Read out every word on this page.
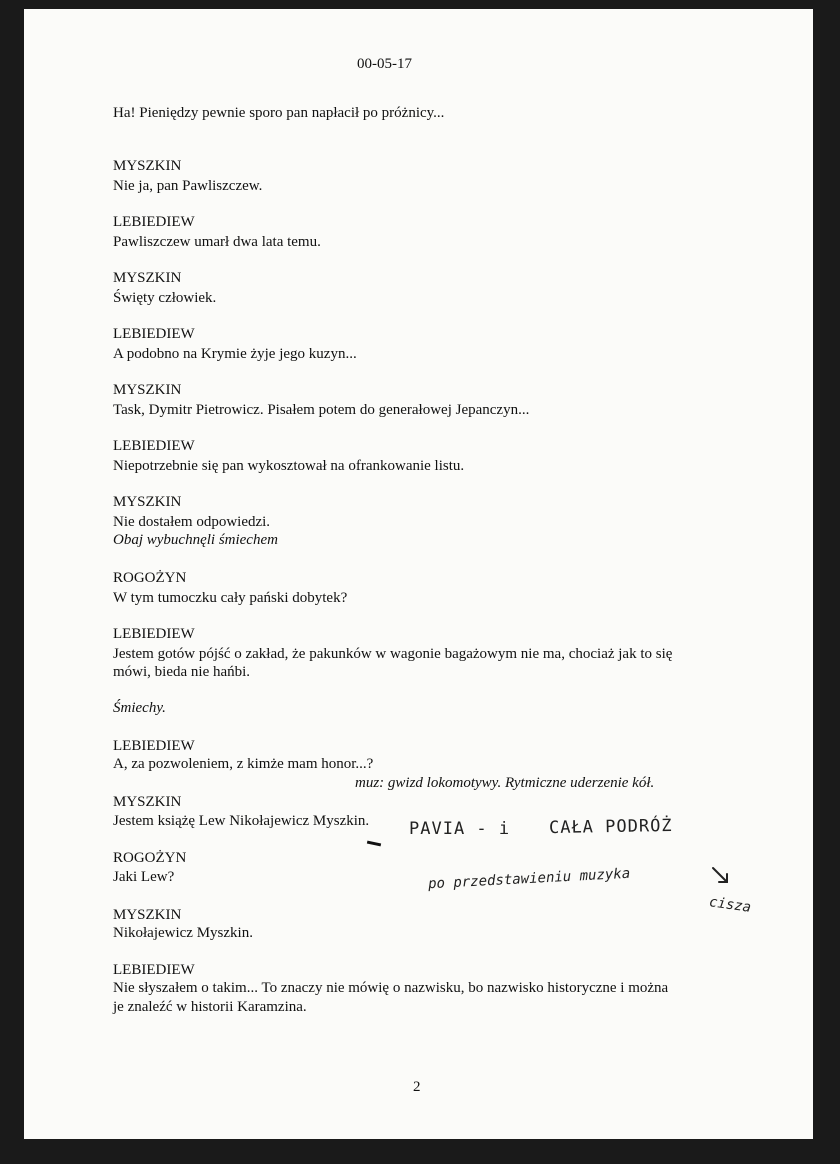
00-05-17
Ha! Pieniędzy pewnie sporo pan napłacił po próżnicy...
MYSZKIN
Nie ja, pan Pawliszczew.
LEBIEDIEW
Pawliszczew umarł dwa lata temu.
MYSZKIN
Święty człowiek.
LEBIEDIEW
A podobno na Krymie żyje jego kuzyn...
MYSZKIN
Task, Dymitr Pietrowicz. Pisałem potem do generałowej Jepanczyn...
LEBIEDIEW
Niepotrzebnie się pan wykosztował na ofrankowanie listu.
MYSZKIN
Nie dostałem odpowiedzi.
Obaj wybuchnęli śmiechem
ROGOŻYN
W tym tumoczku cały pański dobytek?
LEBIEDIEW
Jestem gotów pójść o zakład, że pakunków w wagonie bagażowym nie ma, chociaż jak to się
mówi, bieda nie hańbi.
Śmiechy.
LEBIEDIEW
A, za pozwoleniem, z kimże mam honor...?
muz: gwizd lokomotywy. Rytmiczne uderzenie kół.
MYSZKIN
Jestem książę Lew Nikołajewicz Myszkin.
ROGOŻYN
Jaki Lew?
MYSZKIN
Nikołajewicz Myszkin.
LEBIEDIEW
Nie słyszałem o takim... To znaczy nie mówię o nazwisku, bo nazwisko historyczne i można
je znaleźć w historii Karamzina.
PAVIA - i CAŁA PODRÓŻ
po przedstawieniu muzyka
cisza
2
